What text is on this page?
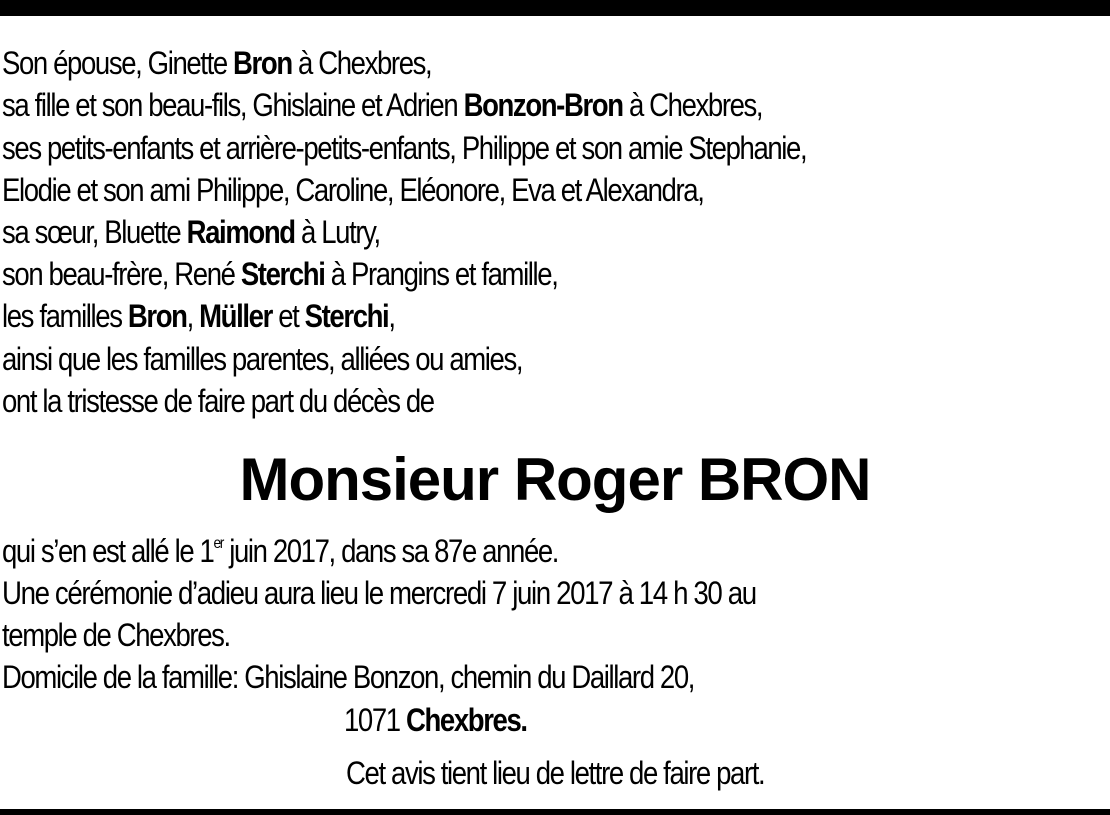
Son épouse, Ginette Bron à Chexbres,
sa fille et son beau-fils, Ghislaine et Adrien Bonzon-Bron à Chexbres,
ses petits-enfants et arrière-petits-enfants, Philippe et son amie Stephanie,
Elodie et son ami Philippe, Caroline, Eléonore, Eva et Alexandra,
sa sœur, Bluette Raimond à Lutry,
son beau-frère, René Sterchi à Prangins et famille,
les familles Bron, Müller et Sterchi,
ainsi que les familles parentes, alliées ou amies,
ont la tristesse de faire part du décès de
Monsieur Roger BRON
qui s’en est allé le 1er juin 2017, dans sa 87e année.
Une cérémonie d’adieu aura lieu le mercredi 7 juin 2017 à 14 h 30 au
temple de Chexbres.
Domicile de la famille: Ghislaine Bonzon, chemin du Daillard 20,
1071 Chexbres.
Cet avis tient lieu de lettre de faire part.
